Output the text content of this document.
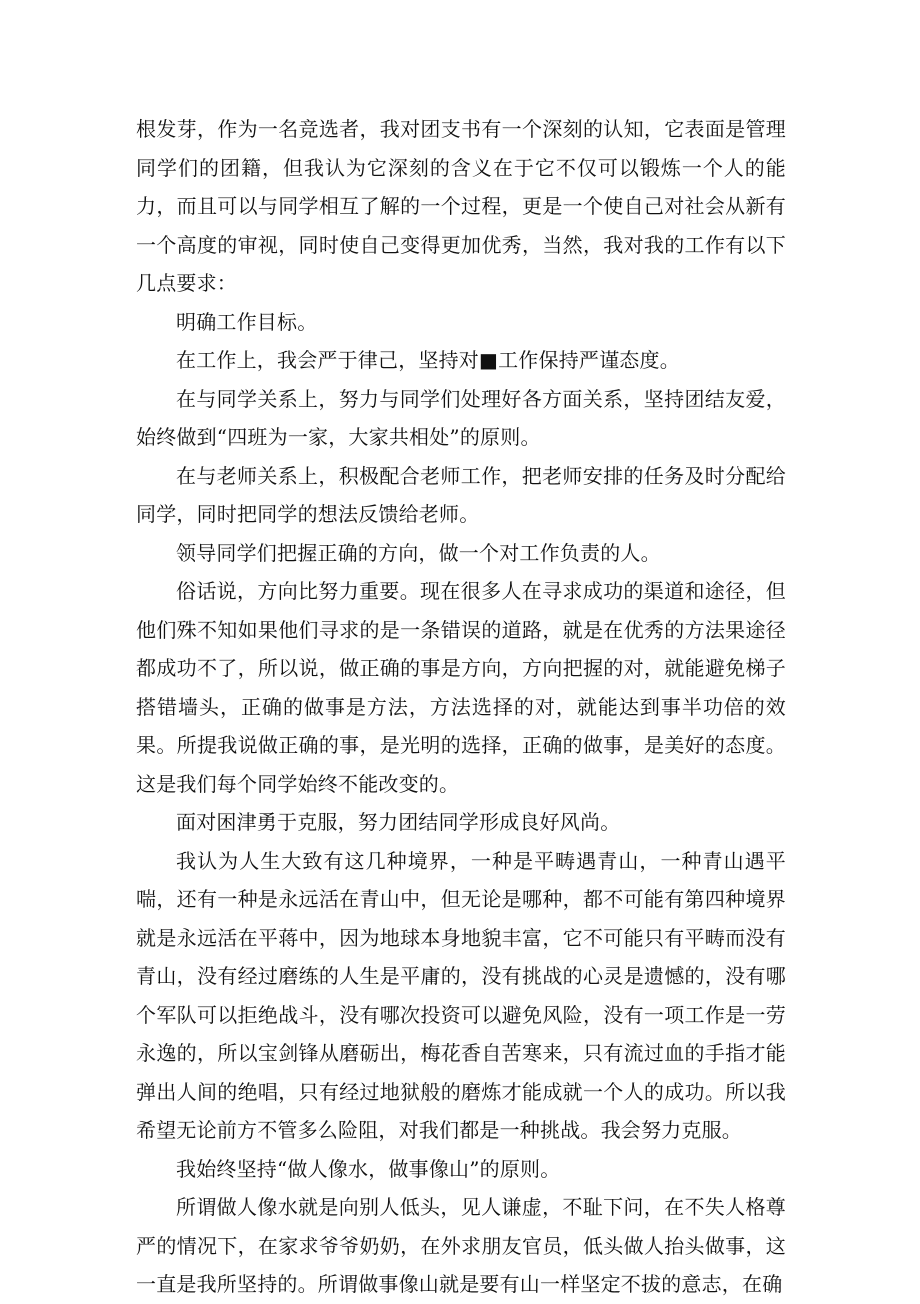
根发芽，作为一名竞选者，我对团支书有一个深刻的认知，它表面是管理同学们的团籍，但我认为它深刻的含义在于它不仅可以锻炼一个人的能力，而且可以与同学相互了解的一个过程，更是一个使自己对社会从新有一个高度的审视，同时使自己变得更加优秀，当然，我对我的工作有以下几点要求：

明确工作目标。

在工作上，我会严于律己，坚持对■工作保持严谨态度。

在与同学关系上，努力与同学们处理好各方面关系，坚持团结友爱，始终做到“四班为一家，大家共相处”的原则。

在与老师关系上，积极配合老师工作，把老师安排的任务及时分配给同学，同时把同学的想法反馈给老师。

领导同学们把握正确的方向，做一个对工作负责的人。

俗话说，方向比努力重要。现在很多人在寻求成功的渠道和途径，但他们殊不知如果他们寻求的是一条错误的道路，就是在优秀的方法果途径都成功不了，所以说，做正确的事是方向，方向把握的对，就能避免梯子搭错墙头，正确的做事是方法，方法选择的对，就能达到事半功倍的效果。所提我说做正确的事，是光明的选择，正确的做事，是美好的态度。这是我们每个同学始终不能改变的。

面对困津勇于克服，努力团结同学形成良好风尚。

我认为人生大致有这几种境界，一种是平畴遇青山，一种青山遇平喘，还有一种是永远活在青山中，但无论是哪种，都不可能有第四种境界就是永远活在平蒋中，因为地球本身地貌丰富，它不可能只有平畴而没有青山，没有经过磨练的人生是平庸的，没有挑战的心灵是遗憾的，没有哪个军队可以拒绝战斗，没有哪次投资可以避免风险，没有一项工作是一劳永逸的，所以宝剑锋从磨砺出，梅花香自苦寒来，只有流过血的手指才能弹出人间的绝唱，只有经过地狱般的磨炼才能成就一个人的成功。所以我希望无论前方不管多么险阻，对我们都是一种挑战。我会努力克服。

我始终坚持“做人像水，做事像山”的原则。

所谓做人像水就是向别人低头，见人谦虚，不耻下问，在不失人格尊严的情况下，在家求爷爷奶奶，在外求朋友官员，低头做人抬头做事，这一直是我所坚持的。所谓做事像山就是要有山一样坚定不拔的意志，在确
